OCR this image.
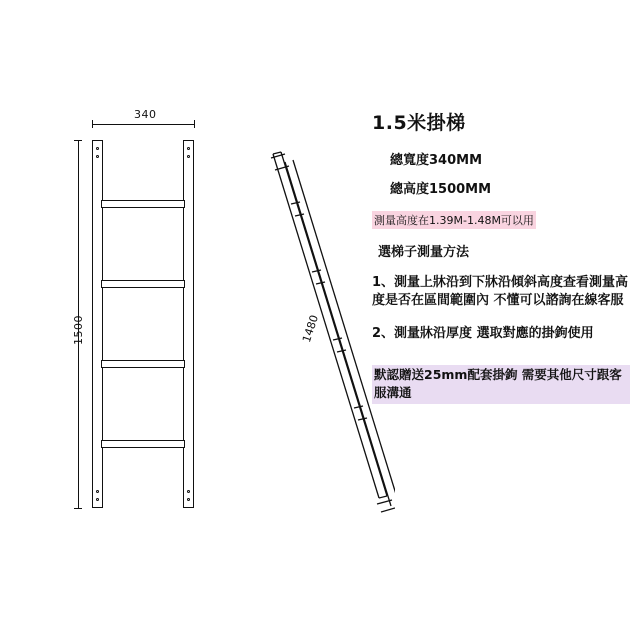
340
1500	1480
1.5米掛梯
總寬度340MM
總高度1500MM
測量高度在1.39M-1.48M可以用
選梯子測量方法
1、測量上牀沿到下牀沿傾斜高度查看測量高度是否在區間範圍內 不懂可以諮詢在線客服
2、測量牀沿厚度 選取對應的掛鉤使用
默認贈送25mm配套掛鉤 需要其他尺寸跟客服溝通
